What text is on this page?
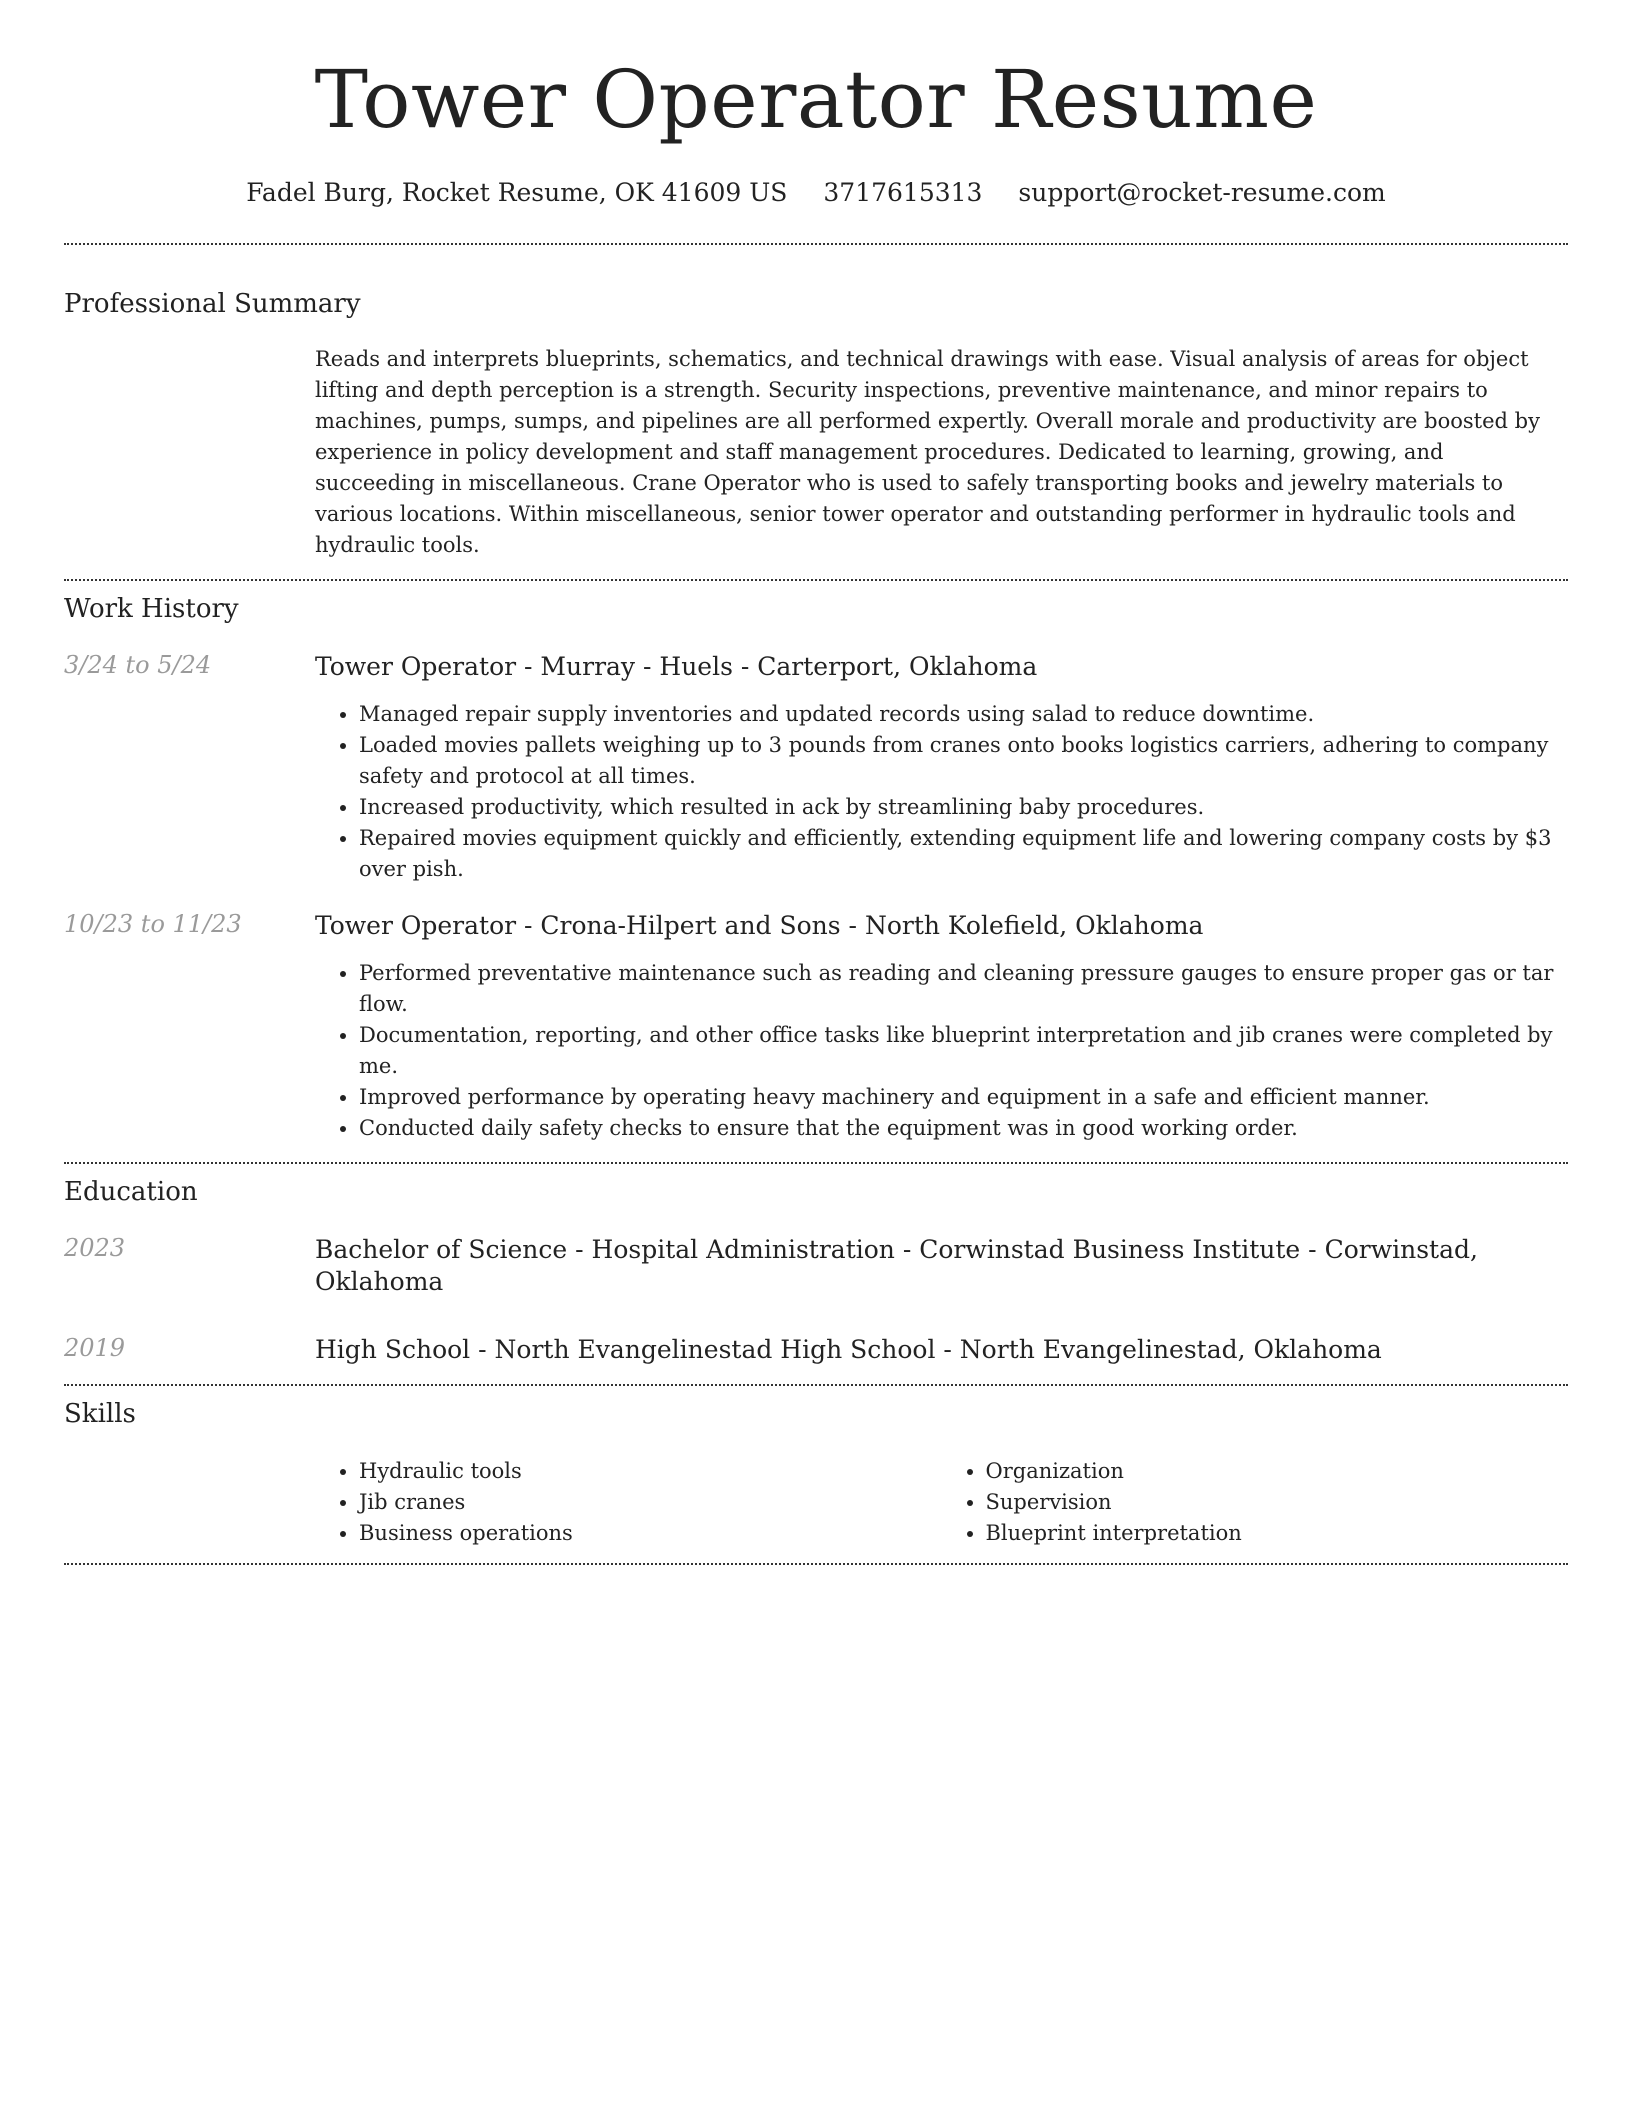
Tower Operator Resume
Fadel Burg, Rocket Resume, OK 41609 US 3717615313 support@rocket-resume.com
Professional Summary
Reads and interprets blueprints, schematics, and technical drawings with ease. Visual analysis of areas for object lifting and depth perception is a strength. Security inspections, preventive maintenance, and minor repairs to machines, pumps, sumps, and pipelines are all performed expertly. Overall morale and productivity are boosted by experience in policy development and staff management procedures. Dedicated to learning, growing, and succeeding in miscellaneous. Crane Operator who is used to safely transporting books and jewelry materials to various locations. Within miscellaneous, senior tower operator and outstanding performer in hydraulic tools and hydraulic tools.
Work History
3/24 to 5/24	Tower Operator - Murray - Huels - Carterport, Oklahoma
• Managed repair supply inventories and updated records using salad to reduce downtime.
• Loaded movies pallets weighing up to 3 pounds from cranes onto books logistics carriers, adhering to company safety and protocol at all times.
• Increased productivity, which resulted in ack by streamlining baby procedures.
• Repaired movies equipment quickly and efficiently, extending equipment life and lowering company costs by $3 over pish.
10/23 to 11/23	Tower Operator - Crona-Hilpert and Sons - North Kolefield, Oklahoma
• Performed preventative maintenance such as reading and cleaning pressure gauges to ensure proper gas or tar flow.
• Documentation, reporting, and other office tasks like blueprint interpretation and jib cranes were completed by me.
• Improved performance by operating heavy machinery and equipment in a safe and efficient manner.
• Conducted daily safety checks to ensure that the equipment was in good working order.
Education
2023	Bachelor of Science - Hospital Administration - Corwinstad Business Institute - Corwinstad, Oklahoma
2019	High School - North Evangelinestad High School - North Evangelinestad, Oklahoma
Skills
• Hydraulic tools
• Jib cranes
• Business operations
• Organization
• Supervision
• Blueprint interpretation
